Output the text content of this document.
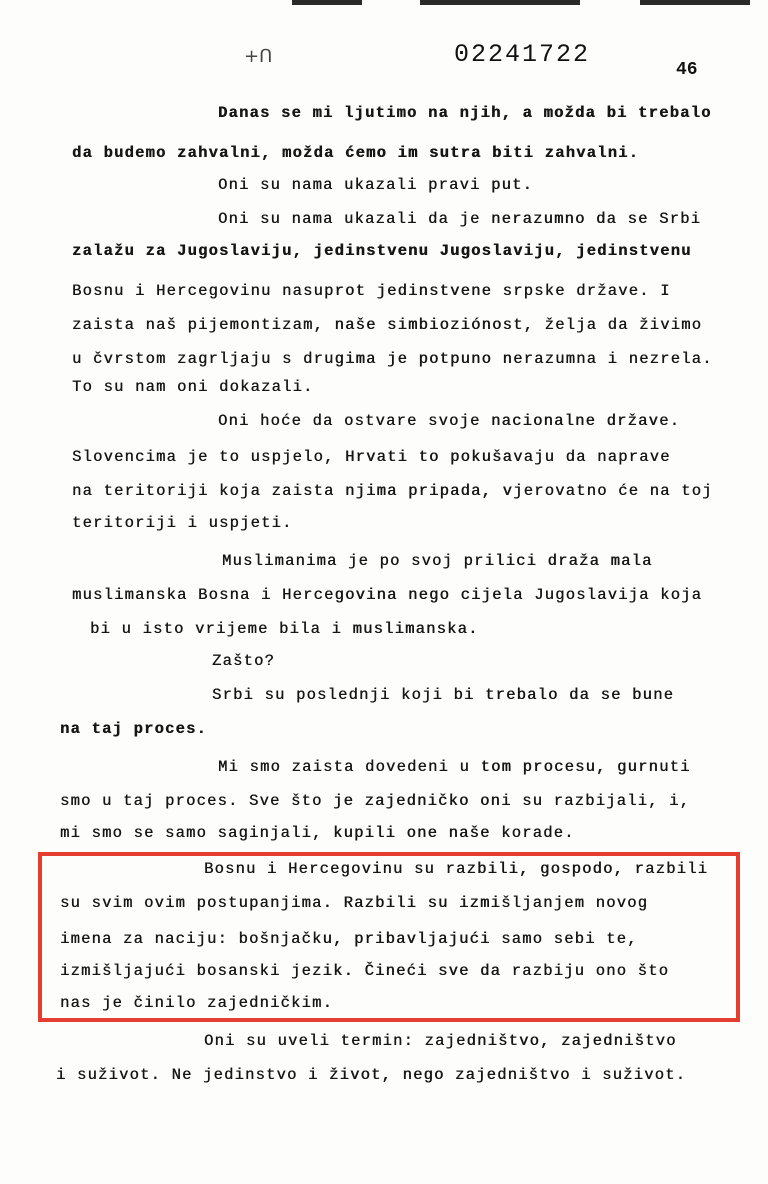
+Ո	02241722
46
Danas se mi ljutimo na njih, a možda bi trebalo
da budemo zahvalni, možda ćemo im sutra biti zahvalni.
Oni su nama ukazali pravi put.
Oni su nama ukazali da je nerazumno da se Srbi
zalažu za Jugoslaviju, jedinstvenu Jugoslaviju, jedinstvenu
Bosnu i Hercegovinu nasuprot jedinstvene srpske države. I
zaista naš pijemontizam, naše simbioziónost, želja da živimo
u čvrstom zagrljaju s drugima je potpuno nerazumna i nezrela.
To su nam oni dokazali.
Oni hoće da ostvare svoje nacionalne države.
Slovencima je to uspjelo, Hrvati to pokušavaju da naprave
na teritoriji koja zaista njima pripada, vjerovatno će na toj
teritoriji i uspjeti.
Muslimanima je po svoj prilici draža mala
muslimanska Bosna i Hercegovina nego cijela Jugoslavija koja
bi u isto vrijeme bila i muslimanska.
Zašto?
Srbi su poslednji koji bi trebalo da se bune
na taj proces.
Mi smo zaista dovedeni u tom procesu, gurnuti
smo u taj proces. Sve što je zajedničko oni su razbijali, i,
mi smo se samo saginjali, kupili one naše korade.
Bosnu i Hercegovinu su razbili, gospodo, razbili
su svim ovim postupanjima. Razbili su izmišljanjem novog
imena za naciju: bošnjačku, pribavljajući samo sebi te,
izmišljajući bosanski jezik. Čineći sve da razbiju ono što
nas je činilo zajedničkim.
Oni su uveli termin: zajedništvo, zajedništvo
i suživot. Ne jedinstvo i život, nego zajedništvo i suživot.
